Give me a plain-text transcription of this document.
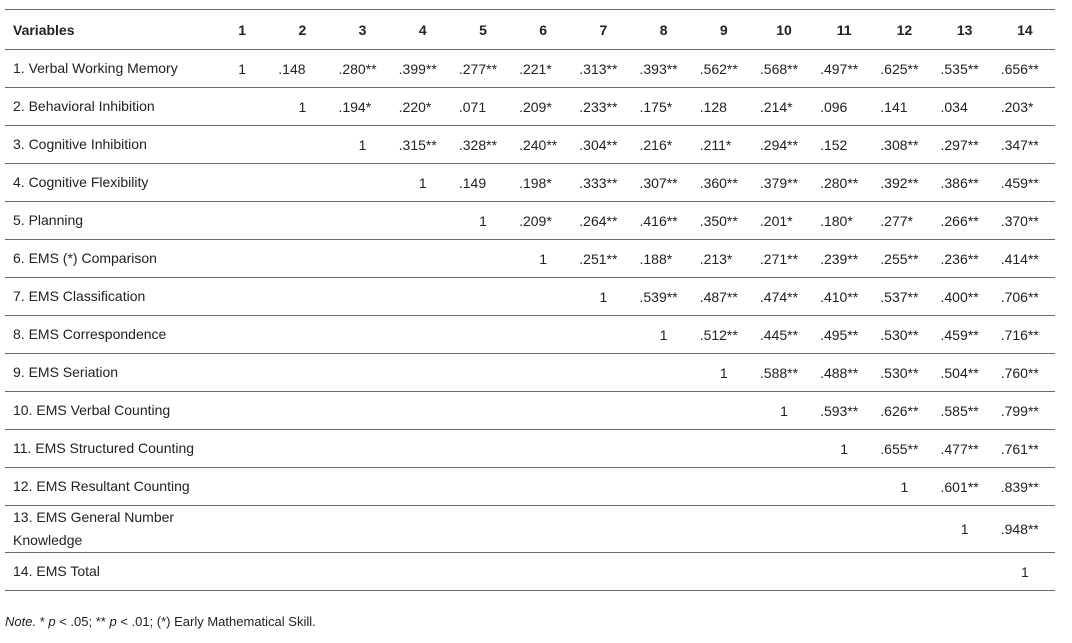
Variables	1	2	3	4	5	6	7	8	9	10	11	12	13	14
1. Verbal Working Memory	1	.148	.280**	.399**	.277**	.221*	.313**	.393**	.562**	.568**	.497**	.625**	.535**	.656**
2. Behavioral Inhibition		1	.194*	.220*	.071	.209*	.233**	.175*	.128	.214*	.096	.141	.034	.203*
3. Cognitive Inhibition			1	.315**	.328**	.240**	.304**	.216*	.211*	.294**	.152	.308**	.297**	.347**
4. Cognitive Flexibility				1	.149	.198*	.333**	.307**	.360**	.379**	.280**	.392**	.386**	.459**
5. Planning					1	.209*	.264**	.416**	.350**	.201*	.180*	.277*	.266**	.370**
6. EMS (*) Comparison						1	.251**	.188*	.213*	.271**	.239**	.255**	.236**	.414**
7. EMS Classification							1	.539**	.487**	.474**	.410**	.537**	.400**	.706**
8. EMS Correspondence								1	.512**	.445**	.495**	.530**	.459**	.716**
9. EMS Seriation									1	.588**	.488**	.530**	.504**	.760**
10. EMS Verbal Counting										1	.593**	.626**	.585**	.799**
11. EMS Structured Counting											1	.655**	.477**	.761**
12. EMS Resultant Counting												1	.601**	.839**
13. EMS General Number Knowledge													1	.948**
14. EMS Total														1
Note. * p < .05; ** p < .01; (*) Early Mathematical Skill.
